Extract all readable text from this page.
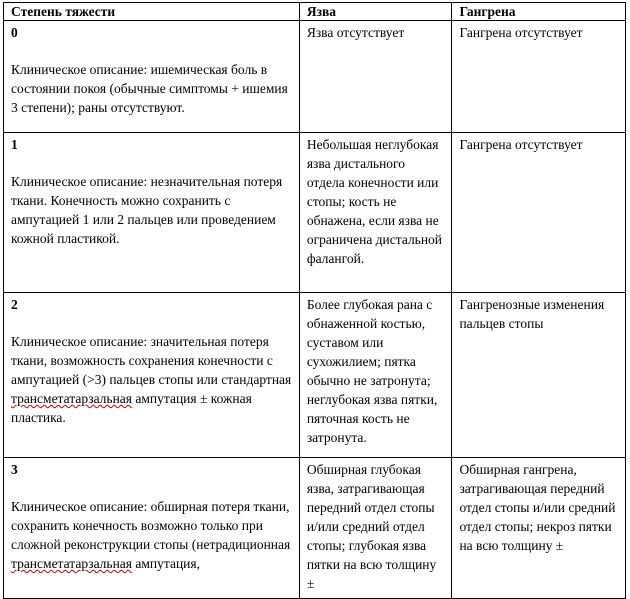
Степень тяжести	Язва	Гангрена

0
Клиническое описание: ишемическая боль в состоянии покоя (обычные симптомы + ишемия 3 степени); раны отсутствуют.	Язва отсутствует	Гангрена отсутствует

1
Клиническое описание: незначительная потеря ткани. Конечность можно сохранить с ампутацией 1 или 2 пальцев или проведением кожной пластикой.	Небольшая неглубокая язва дистального отдела конечности или стопы; кость не обнажена, если язва не ограничена дистальной фалангой.	Гангрена отсутствует

2
Клиническое описание: значительная потеря ткани, возможность сохранения конечности с ампутацией (>3) пальцев стопы или стандартная трансметатарзальная ампутация ± кожная пластика.	Более глубокая рана с обнаженной костью, суставом или сухожилием; пятка обычно не затронута; неглубокая язва пятки, пяточная кость не затронута.	Гангренозные изменения пальцев стопы

3
Клиническое описание: обширная потеря ткани, сохранить конечность возможно только при сложной реконструкции стопы (нетрадиционная трансметатарзальная ампутация,	Обширная глубокая язва, затрагивающая передний отдел стопы и/или средний отдел стопы; глубокая язва пятки на всю толщину ±	Обширная гангрена, затрагивающая передний отдел стопы и/или средний отдел стопы; некроз пятки на всю толщину ±
